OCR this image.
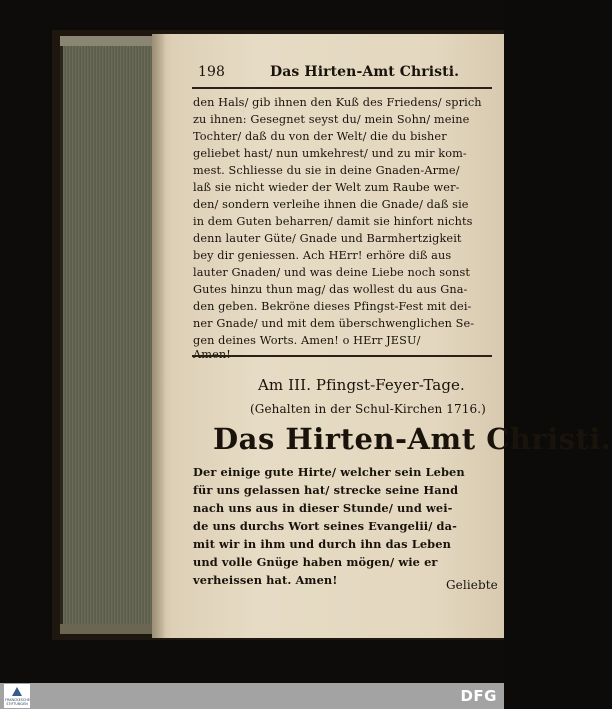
198	Das Hirten-Amt Christi.
den Hals/ gib ihnen den Kuß des Friedens/ sprich
zu ihnen: Gesegnet seyst du/ mein Sohn/ meine
Tochter/ daß du von der Welt/ die du bisher
geliebet hast/ nun umkehrest/ und zu mir kom-
mest. Schliesse du sie in deine Gnaden-Arme/
laß sie nicht wieder der Welt zum Raube wer-
den/ sondern verleihe ihnen die Gnade/ daß sie
in dem Guten beharren/ damit sie hinfort nichts
denn lauter Güte/ Gnade und Barmhertzigkeit
bey dir geniessen. Ach HErr! erhöre diß aus
lauter Gnaden/ und was deine Liebe noch sonst
Gutes hinzu thun mag/ das wollest du aus Gna-
den geben. Bekröne dieses Pfingst-Fest mit dei-
ner Gnade/ und mit dem überschwenglichen Se-
gen deines Worts. Amen! o HErr JESU/
Am III. Pfingst-Feyer-Tage.
(Gehalten in der Schul-Kirchen 1716.)
Das Hirten-Amt Christi.
Der einige gute Hirte/ welcher sein Leben
für uns gelassen hat/ strecke seine Hand
nach uns aus in dieser Stunde/ und wei-
de uns durchs Wort seines Evangelii/ da-
mit wir in ihm und durch ihn das Leben
und volle Gnüge haben mögen/ wie er
verheissen hat. Amen!	Geliebte
FRANCKESCHE STIFTUNGEN	DFG
